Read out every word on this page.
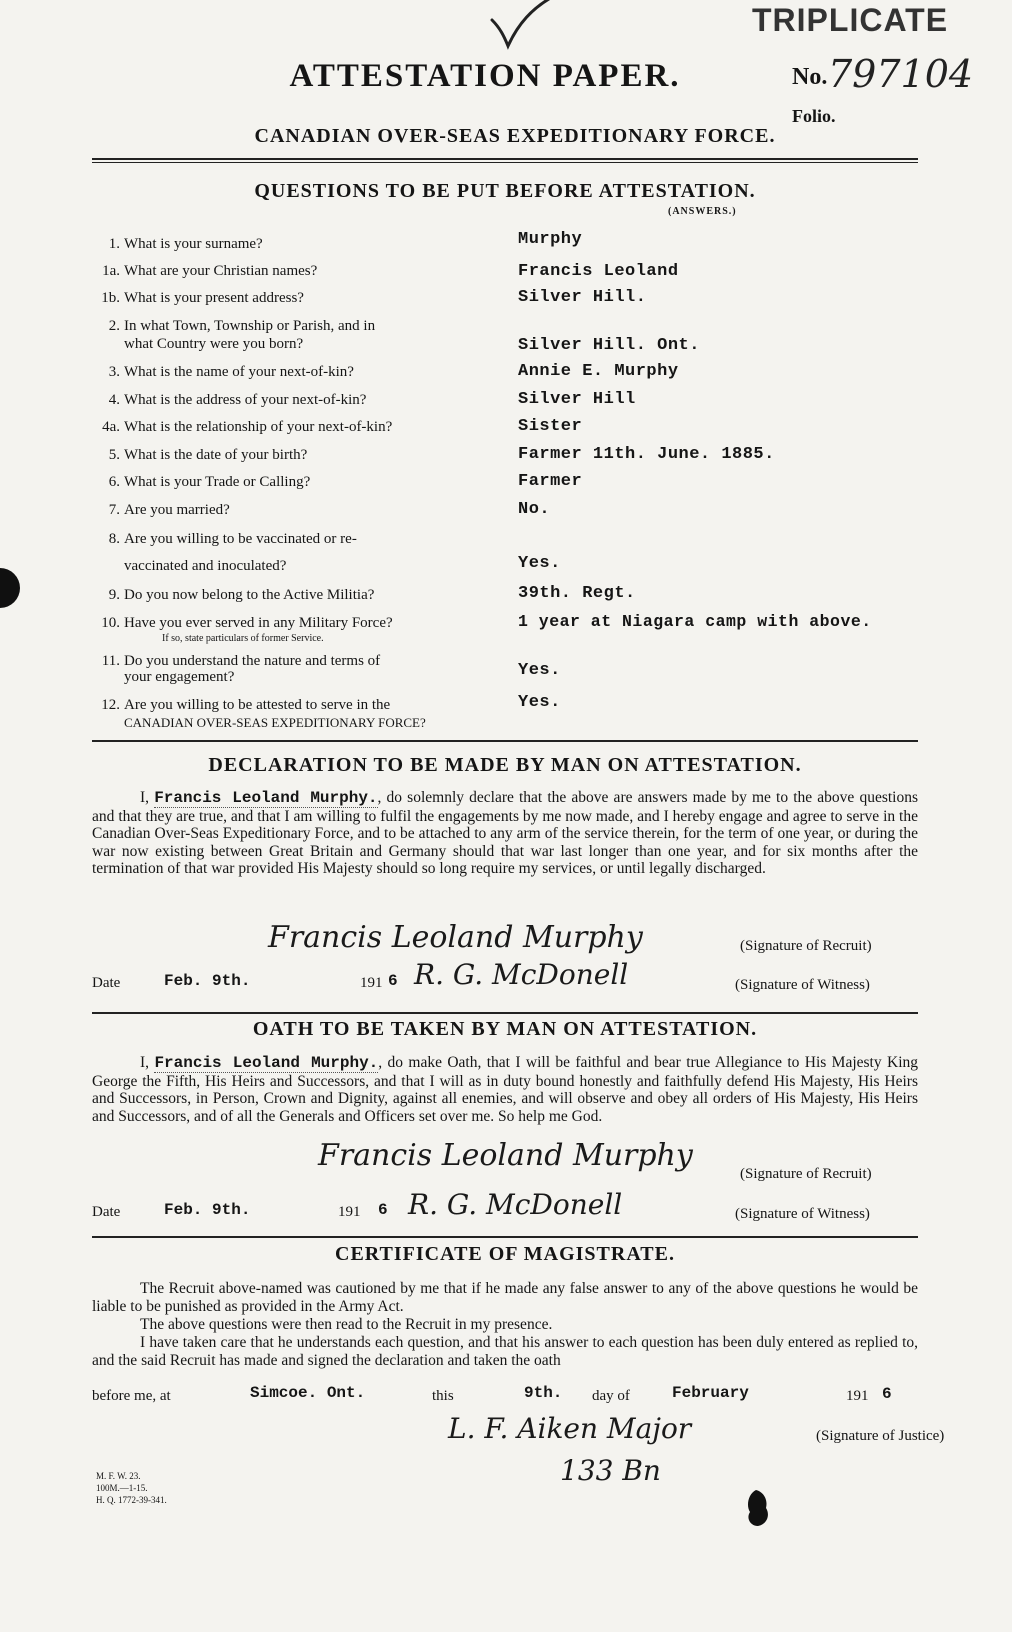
TRIPLICATE
ATTESTATION PAPER.	No. 797104
Folio.
CANADIAN OVER-SEAS EXPEDITIONARY FORCE.
QUESTIONS TO BE PUT BEFORE ATTESTATION.
(ANSWERS.)
1. What is your surname?	Murphy
1a. What are your Christian names?	Francis Leoland
1b. What is your present address?	Silver Hill.
2. In what Town, Township or Parish, and in
what Country were you born?	Silver Hill. Ont.
3. What is the name of your next-of-kin?	Annie E. Murphy
4. What is the address of your next-of-kin?	Silver Hill
4a. What is the relationship of your next-of-kin?	Sister
5. What is the date of your birth?	Farmer 11th. June. 1885.
6. What is your Trade or Calling?	Farmer
7. Are you married?	No.
8. Are you willing to be vaccinated or re-
vaccinated and inoculated?	Yes.
9. Do you now belong to the Active Militia?	39th. Regt.
10. Have you ever served in any Military Force?
If so, state particulars of former Service.
1 year at Niagara camp with above.
11. Do you understand the nature and terms of
your engagement?	Yes.
12. Are you willing to be attested to serve in the
CANADIAN OVER-SEAS EXPEDITIONARY FORCE?
Yes.
DECLARATION TO BE MADE BY MAN ON ATTESTATION.
I, Francis Leoland Murphy., do solemnly declare that the above are answers made by me to the above questions and that they are true, and that I am willing to fulfil the engagements by me now made, and I hereby engage and agree to serve in the Canadian Over-Seas Expeditionary Force, and to be attached to any arm of the service therein, for the term of one year, or during the war now existing between Great Britain and Germany should that war last longer than one year, and for six months after the termination of that war provided His Majesty should so long require my services, or until legally discharged.
Francis Leoland Murphy	(Signature of Recruit)
Date	Feb. 9th.	191 6 R. G. McDonell	(Signature of Witness)
OATH TO BE TAKEN BY MAN ON ATTESTATION.
I, Francis Leoland Murphy., do make Oath, that I will be faithful and bear true Allegiance to His Majesty King George the Fifth, His Heirs and Successors, and that I will as in duty bound honestly and faithfully defend His Majesty, His Heirs and Successors, in Person, Crown and Dignity, against all enemies, and will observe and obey all orders of His Majesty, His Heirs and Successors, and of all the Generals and Officers set over me. So help me God.
Francis Leoland Murphy
(Signature of Recruit)
Date	Feb. 9th.	191 6 R. G. McDonell	(Signature of Witness)
CERTIFICATE OF MAGISTRATE.
The Recruit above-named was cautioned by me that if he made any false answer to any of the above questions he would be liable to be punished as provided in the Army Act.
The above questions were then read to the Recruit in my presence.
I have taken care that he understands each question, and that his answer to each question has been duly entered as replied to, and the said Recruit has made and signed the declaration and taken the oath
before me, at	Simcoe. Ont.	this	9th. day of	February	191 6
L. F. Aiken Major
133 Bn
(Signature of Justice)
M. F. W. 23.
100M.—1-15.
H. Q. 1772-39-341.
